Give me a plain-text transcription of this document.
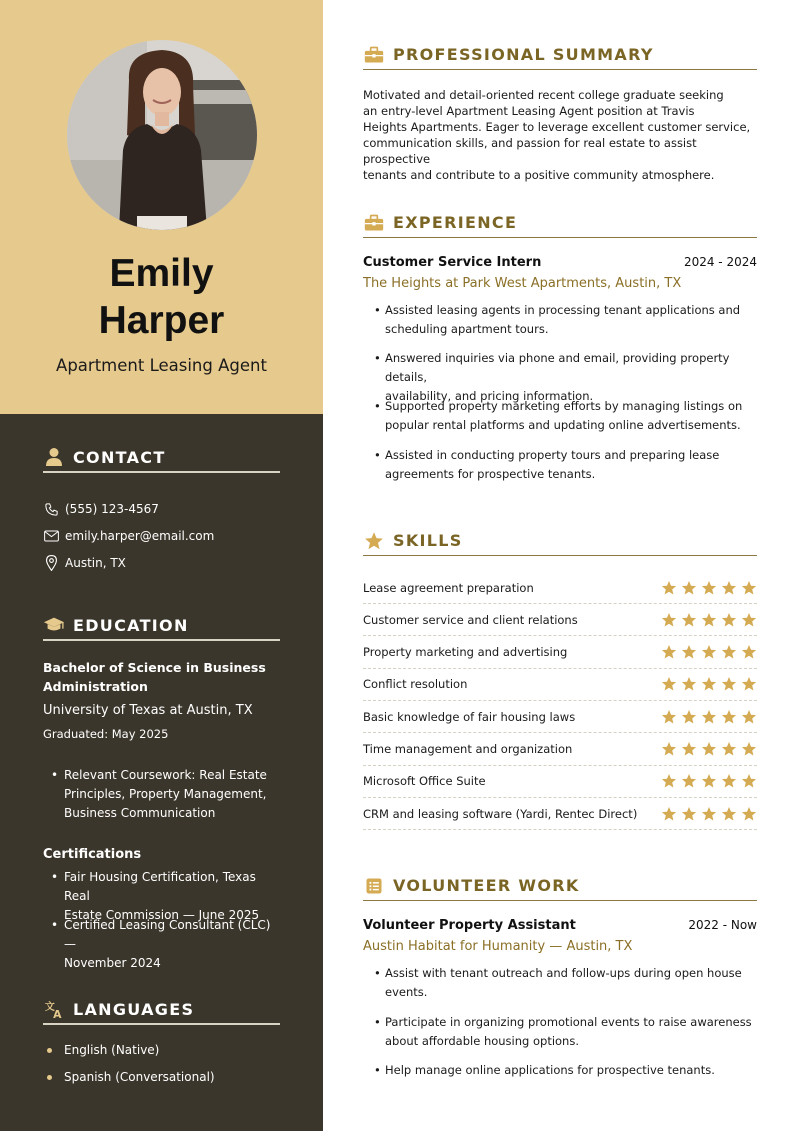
Emily
Harper
Apartment Leasing Agent
CONTACT
(555) 123-4567
emily.harper@email.com
Austin, TX
EDUCATION
Bachelor of Science in Business
Administration
University of Texas at Austin, TX
Graduated: May 2025
• Relevant Coursework: Real Estate
Principles, Property Management,
Business Communication
Certifications
• Fair Housing Certification, Texas Real
Estate Commission — June 2025
• Certified Leasing Consultant (CLC) —
November 2024
文
A LANGUAGES
English (Native)
Spanish (Conversational)
PROFESSIONAL SUMMARY
Motivated and detail-oriented recent college graduate seeking
an entry-level Apartment Leasing Agent position at Travis
Heights Apartments. Eager to leverage excellent customer service,
communication skills, and passion for real estate to assist prospective
tenants and contribute to a positive community atmosphere.
EXPERIENCE
Customer Service Intern	2024 - 2024
The Heights at Park West Apartments, Austin, TX
• Assisted leasing agents in processing tenant applications and
scheduling apartment tours.
• Answered inquiries via phone and email, providing property details,
availability, and pricing information.
• Supported property marketing efforts by managing listings on
popular rental platforms and updating online advertisements.
• Assisted in conducting property tours and preparing lease
agreements for prospective tenants.
SKILLS
Lease agreement preparation
Customer service and client relations
Property marketing and advertising
Conflict resolution
Basic knowledge of fair housing laws
Time management and organization
Microsoft Office Suite
CRM and leasing software (Yardi, Rentec Direct)
VOLUNTEER WORK
Volunteer Property Assistant	2022 - Now
Austin Habitat for Humanity — Austin, TX
• Assist with tenant outreach and follow-ups during open house
events.
• Participate in organizing promotional events to raise awareness
about affordable housing options.
• Help manage online applications for prospective tenants.
